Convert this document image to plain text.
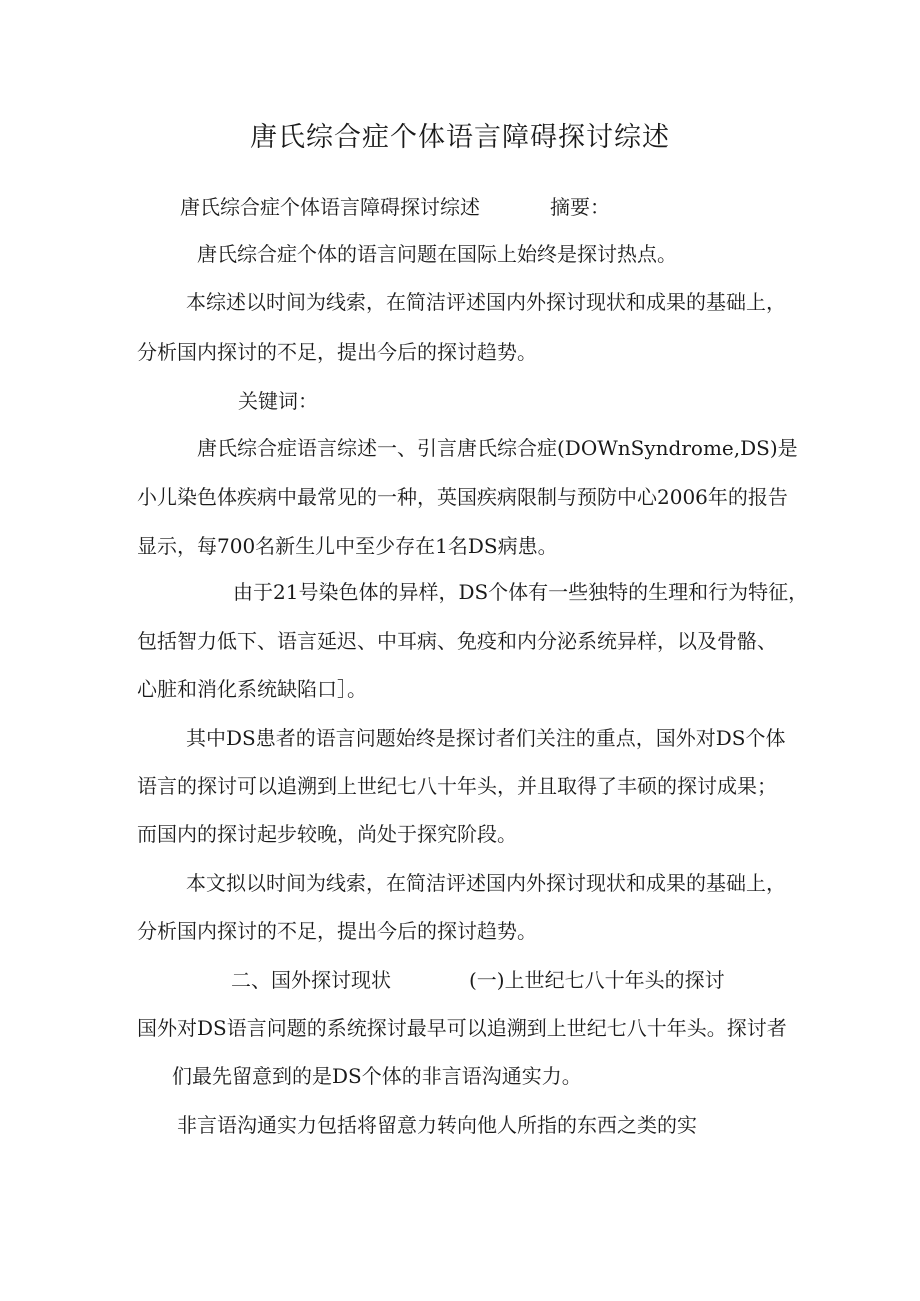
唐氏综合症个体语言障碍探讨综述
唐氏综合症个体语言障碍探讨综述	摘要：
唐氏综合症个体的语言问题在国际上始终是探讨热点。
本综述以时间为线索，在简洁评述国内外探讨现状和成果的基础上，
分析国内探讨的不足，提出今后的探讨趋势。
关键词：
唐氏综合症语言综述一、引言唐氏综合症(DOWnSyndrome,DS)是
小儿染色体疾病中最常见的一种，英国疾病限制与预防中心2006年的报告
显示，每700名新生儿中至少存在1名DS病患。
由于21号染色体的异样，DS个体有一些独特的生理和行为特征，
包括智力低下、语言延迟、中耳病、免疫和内分泌系统异样，以及骨骼、
心脏和消化系统缺陷口］。
其中DS患者的语言问题始终是探讨者们关注的重点，国外对DS个体
语言的探讨可以追溯到上世纪七八十年头，并且取得了丰硕的探讨成果；
而国内的探讨起步较晚，尚处于探究阶段。
本文拟以时间为线索，在简洁评述国内外探讨现状和成果的基础上，
分析国内探讨的不足，提出今后的探讨趋势。
二、国外探讨现状	(一)上世纪七八十年头的探讨
国外对DS语言问题的系统探讨最早可以追溯到上世纪七八十年头。探讨者
们最先留意到的是DS个体的非言语沟通实力。
非言语沟通实力包括将留意力转向他人所指的东西之类的实
